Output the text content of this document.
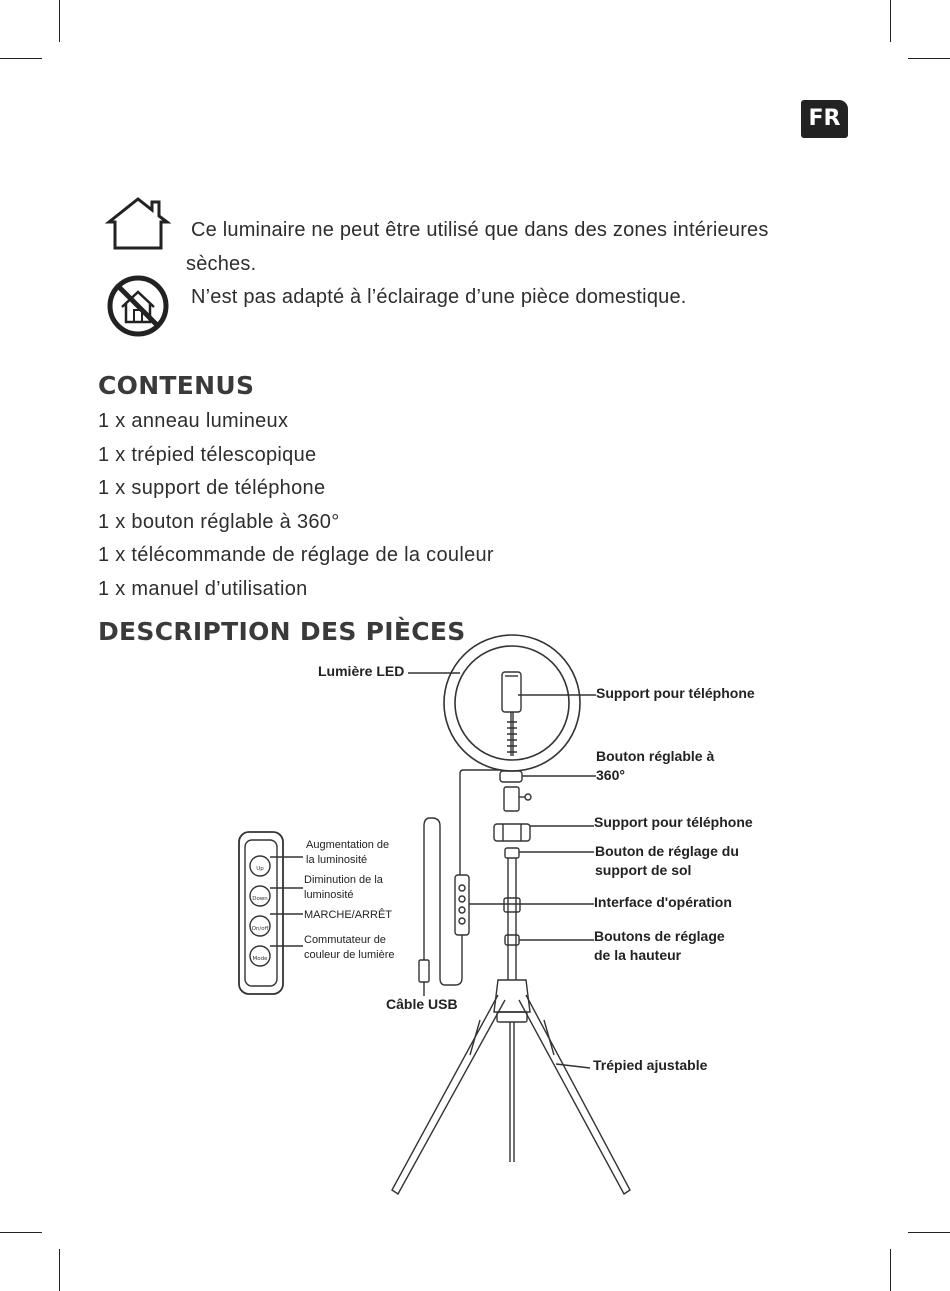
FR
Ce luminaire ne peut être utilisé que dans des zones intérieures
sèches.
N’est pas adapté à l’éclairage d’une pièce domestique.
CONTENUS
1 x anneau lumineux
1 x trépied télescopique
1 x support de téléphone
1 x bouton réglable à 360°
1 x télécommande de réglage de la couleur
1 x manuel d’utilisation
DESCRIPTION DES PIÈCES
Up
Down
On/off
Mode
Lumière LED
Support pour téléphone
Bouton réglable à
360°
Support pour téléphone
Bouton de réglage du
support de sol
Interface d'opération
Boutons de réglage
de la hauteur
Câble USB
Trépied ajustable
Augmentation de
la luminosité
Diminution de la
luminosité
MARCHE/ARRÊT
Commutateur de
couleur de lumière
